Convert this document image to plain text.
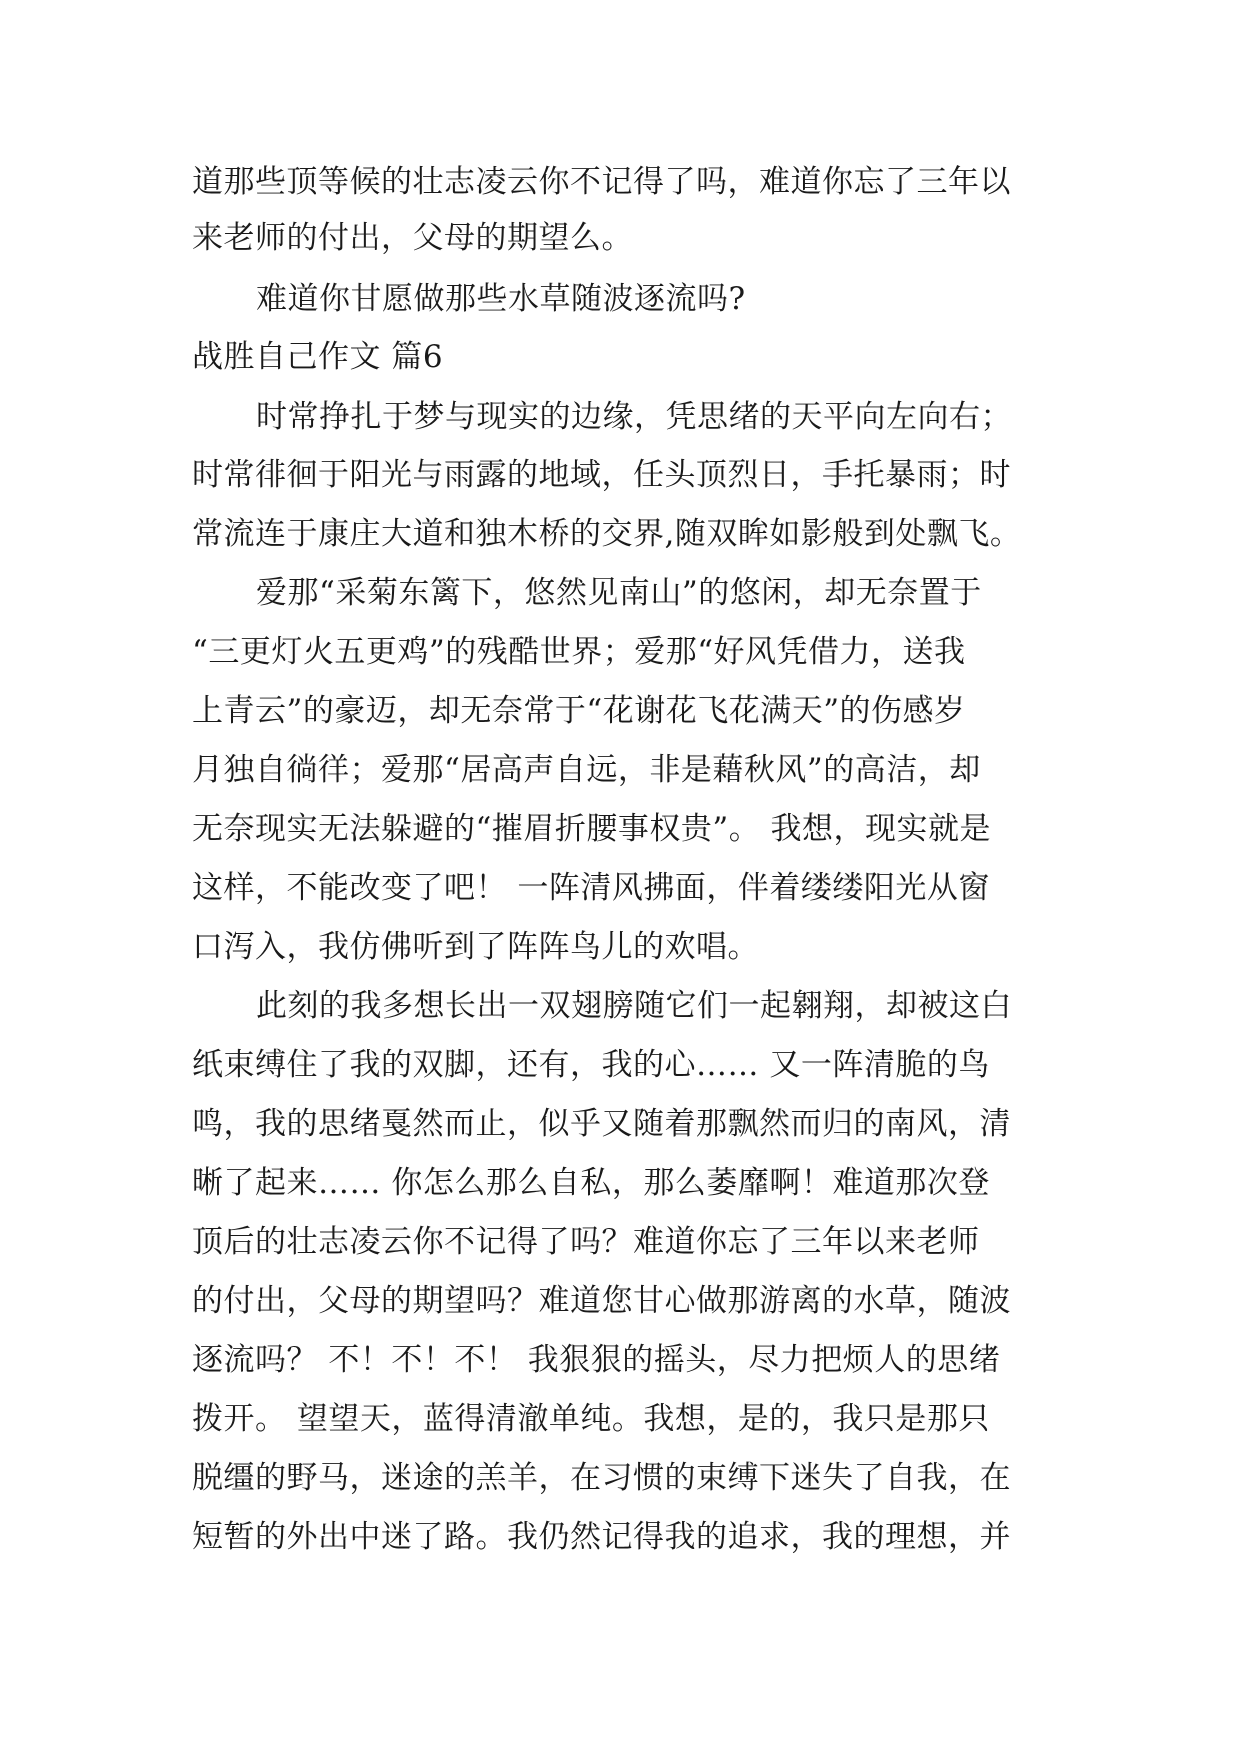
道那些顶等候的壮志凌云你不记得了吗，难道你忘了三年以
来老师的付出，父母的期望么。
难道你甘愿做那些水草随波逐流吗?
战胜自己作文 篇6
时常挣扎于梦与现实的边缘，凭思绪的天平向左向右；
时常徘徊于阳光与雨露的地域，任头顶烈日，手托暴雨；时
常流连于康庄大道和独木桥的交界,随双眸如影般到处飘飞。
爱那“采菊东篱下，悠然见南山”的悠闲，却无奈置于
“三更灯火五更鸡”的残酷世界；爱那“好风凭借力，送我
上青云”的豪迈，却无奈常于“花谢花飞花满天”的伤感岁
月独自徜徉；爱那“居高声自远，非是藉秋风”的高洁，却
无奈现实无法躲避的“摧眉折腰事权贵”。 我想，现实就是
这样，不能改变了吧！ 一阵清风拂面，伴着缕缕阳光从窗
口泻入，我仿佛听到了阵阵鸟儿的欢唱。
此刻的我多想长出一双翅膀随它们一起翱翔，却被这白
纸束缚住了我的双脚，还有，我的心…… 又一阵清脆的鸟
鸣，我的思绪戛然而止，似乎又随着那飘然而归的南风，清
晰了起来…… 你怎么那么自私，那么萎靡啊！难道那次登
顶后的壮志凌云你不记得了吗？难道你忘了三年以来老师
的付出，父母的期望吗？难道您甘心做那游离的水草，随波
逐流吗？ 不！不！不！ 我狠狠的摇头，尽力把烦人的思绪
拨开。 望望天，蓝得清澈单纯。我想，是的，我只是那只
脱缰的野马，迷途的羔羊，在习惯的束缚下迷失了自我，在
短暂的外出中迷了路。我仍然记得我的追求，我的理想，并
